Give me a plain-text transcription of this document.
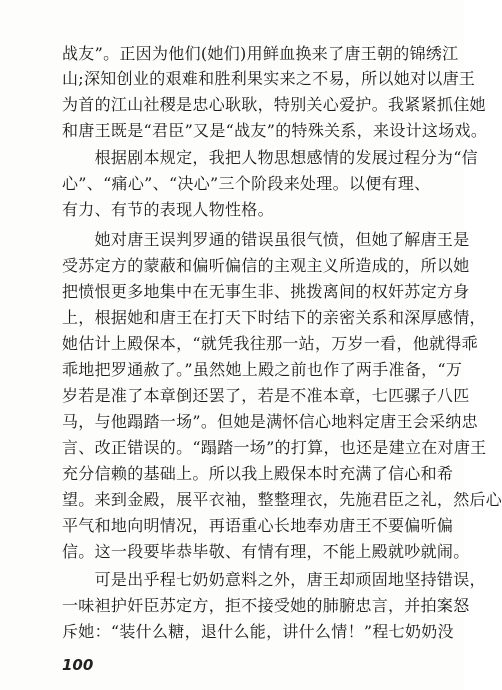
战友”。正因为他们(她们)用鲜血换来了唐王朝的锦绣江
山;深知创业的艰难和胜利果实来之不易，所以她对以唐王
为首的江山社稷是忠心耿耿，特别关心爱护。我紧紧抓住她
和唐王既是“君臣”又是“战友”的特殊关系，来设计这场戏。
　　根据剧本规定，我把人物思想感情的发展过程分为“信
心”、“痛心”、“决心”三个阶段来处理。以便有理、
有力、有节的表现人物性格。
　　她对唐王误判罗通的错误虽很气愤，但她了解唐王是
受苏定方的蒙蔽和偏听偏信的主观主义所造成的，所以她
把愤恨更多地集中在无事生非、挑拨离间的权奸苏定方身
上，根据她和唐王在打天下时结下的亲密关系和深厚感情，
她估计上殿保本，“就凭我往那一站，万岁一看，他就得乖
乖地把罗通赦了。”虽然她上殿之前也作了两手准备，“万
岁若是准了本章倒还罢了，若是不准本章，七匹骡子八匹
马，与他蹋踏一场”。但她是满怀信心地料定唐王会采纳忠
言、改正错误的。“蹋踏一场”的打算，也还是建立在对唐王
充分信赖的基础上。所以我上殿保本时充满了信心和希
望。来到金殿，展平衣袖，整整理衣，先施君臣之礼，然后心
平气和地向明情况，再语重心长地奉劝唐王不要偏听偏
信。这一段要毕恭毕敬、有情有理，不能上殿就吵就闹。
　　可是出乎程七奶奶意料之外，唐王却顽固地坚持错误，
一味袒护奸臣苏定方，拒不接受她的肺腑忠言，并拍案怒
斥她：“装什么糖，退什么能，讲什么情！”程七奶奶没
100
